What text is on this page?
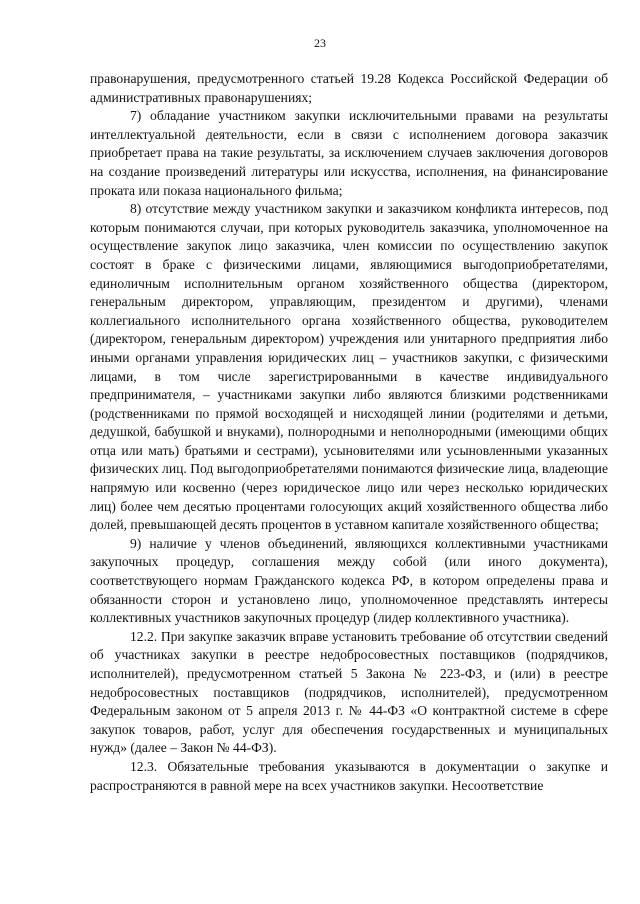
23

правонарушения, предусмотренного статьей 19.28 Кодекса Российской Федерации об административных правонарушениях;

7) обладание участником закупки исключительными правами на результаты интеллектуальной деятельности, если в связи с исполнением договора заказчик приобретает права на такие результаты, за исключением случаев заключения договоров на создание произведений литературы или искусства, исполнения, на финансирование проката или показа национального фильма;

8) отсутствие между участником закупки и заказчиком конфликта интересов, под которым понимаются случаи, при которых руководитель заказчика, уполномоченное на осуществление закупок лицо заказчика, член комиссии по осуществлению закупок состоят в браке с физическими лицами, являющимися выгодоприобретателями, единоличным исполнительным органом хозяйственного общества (директором, генеральным директором, управляющим, президентом и другими), членами коллегиального исполнительного органа хозяйственного общества, руководителем (директором, генеральным директором) учреждения или унитарного предприятия либо иными органами управления юридических лиц – участников закупки, с физическими лицами, в том числе зарегистрированными в качестве индивидуального предпринимателя, – участниками закупки либо являются близкими родственниками (родственниками по прямой восходящей и нисходящей линии (родителями и детьми, дедушкой, бабушкой и внуками), полнородными и неполнородными (имеющими общих отца или мать) братьями и сестрами), усыновителями или усыновленными указанных физических лиц. Под выгодоприобретателями понимаются физические лица, владеющие напрямую или косвенно (через юридическое лицо или через несколько юридических лиц) более чем десятью процентами голосующих акций хозяйственного общества либо долей, превышающей десять процентов в уставном капитале хозяйственного общества;

9) наличие у членов объединений, являющихся коллективными участниками закупочных процедур, соглашения между собой (или иного документа), соответствующего нормам Гражданского кодекса РФ, в котором определены права и обязанности сторон и установлено лицо, уполномоченное представлять интересы коллективных участников закупочных процедур (лидер коллективного участника).

12.2. При закупке заказчик вправе установить требование об отсутствии сведений об участниках закупки в реестре недобросовестных поставщиков (подрядчиков, исполнителей), предусмотренном статьей 5 Закона № 223-ФЗ, и (или) в реестре недобросовестных поставщиков (подрядчиков, исполнителей), предусмотренном Федеральным законом от 5 апреля 2013 г. № 44-ФЗ «О контрактной системе в сфере закупок товаров, работ, услуг для обеспечения государственных и муниципальных нужд» (далее – Закон № 44-ФЗ).

12.3. Обязательные требования указываются в документации о закупке и распространяются в равной мере на всех участников закупки. Несоответствие
